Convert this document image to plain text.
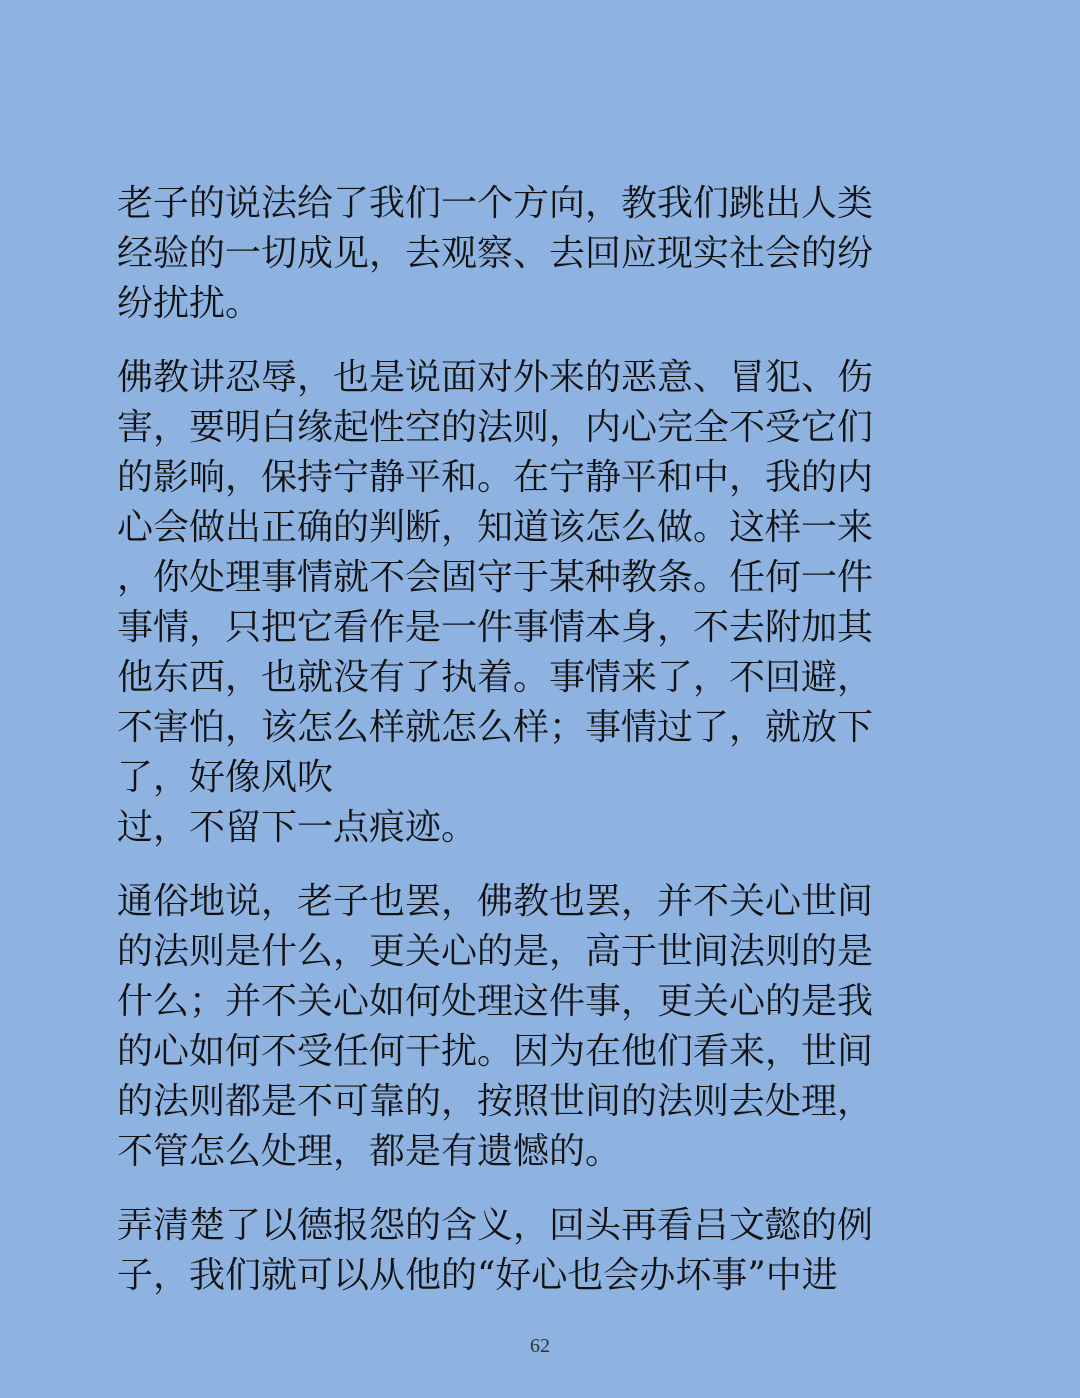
老子的说法给了我们一个方向，教我们跳出人类
经验的一切成见，去观察、去回应现实社会的纷
纷扰扰。
佛教讲忍辱，也是说面对外来的恶意、冒犯、伤
害，要明白缘起性空的法则，内心完全不受它们
的影响，保持宁静平和。在宁静平和中，我的内
心会做出正确的判断，知道该怎么做。这样一来
，你处理事情就不会固守于某种教条。任何一件
事情，只把它看作是一件事情本身，不去附加其
他东西，也就没有了执着。事情来了，不回避，
不害怕，该怎么样就怎么样；事情过了，就放下
了，好像风吹
过，不留下一点痕迹。
通俗地说，老子也罢，佛教也罢，并不关心世间
的法则是什么，更关心的是，高于世间法则的是
什么；并不关心如何处理这件事，更关心的是我
的心如何不受任何干扰。因为在他们看来，世间
的法则都是不可靠的，按照世间的法则去处理，
不管怎么处理，都是有遗憾的。
弄清楚了以德报怨的含义，回头再看吕文懿的例
子，我们就可以从他的“好心也会办坏事”中进
62
